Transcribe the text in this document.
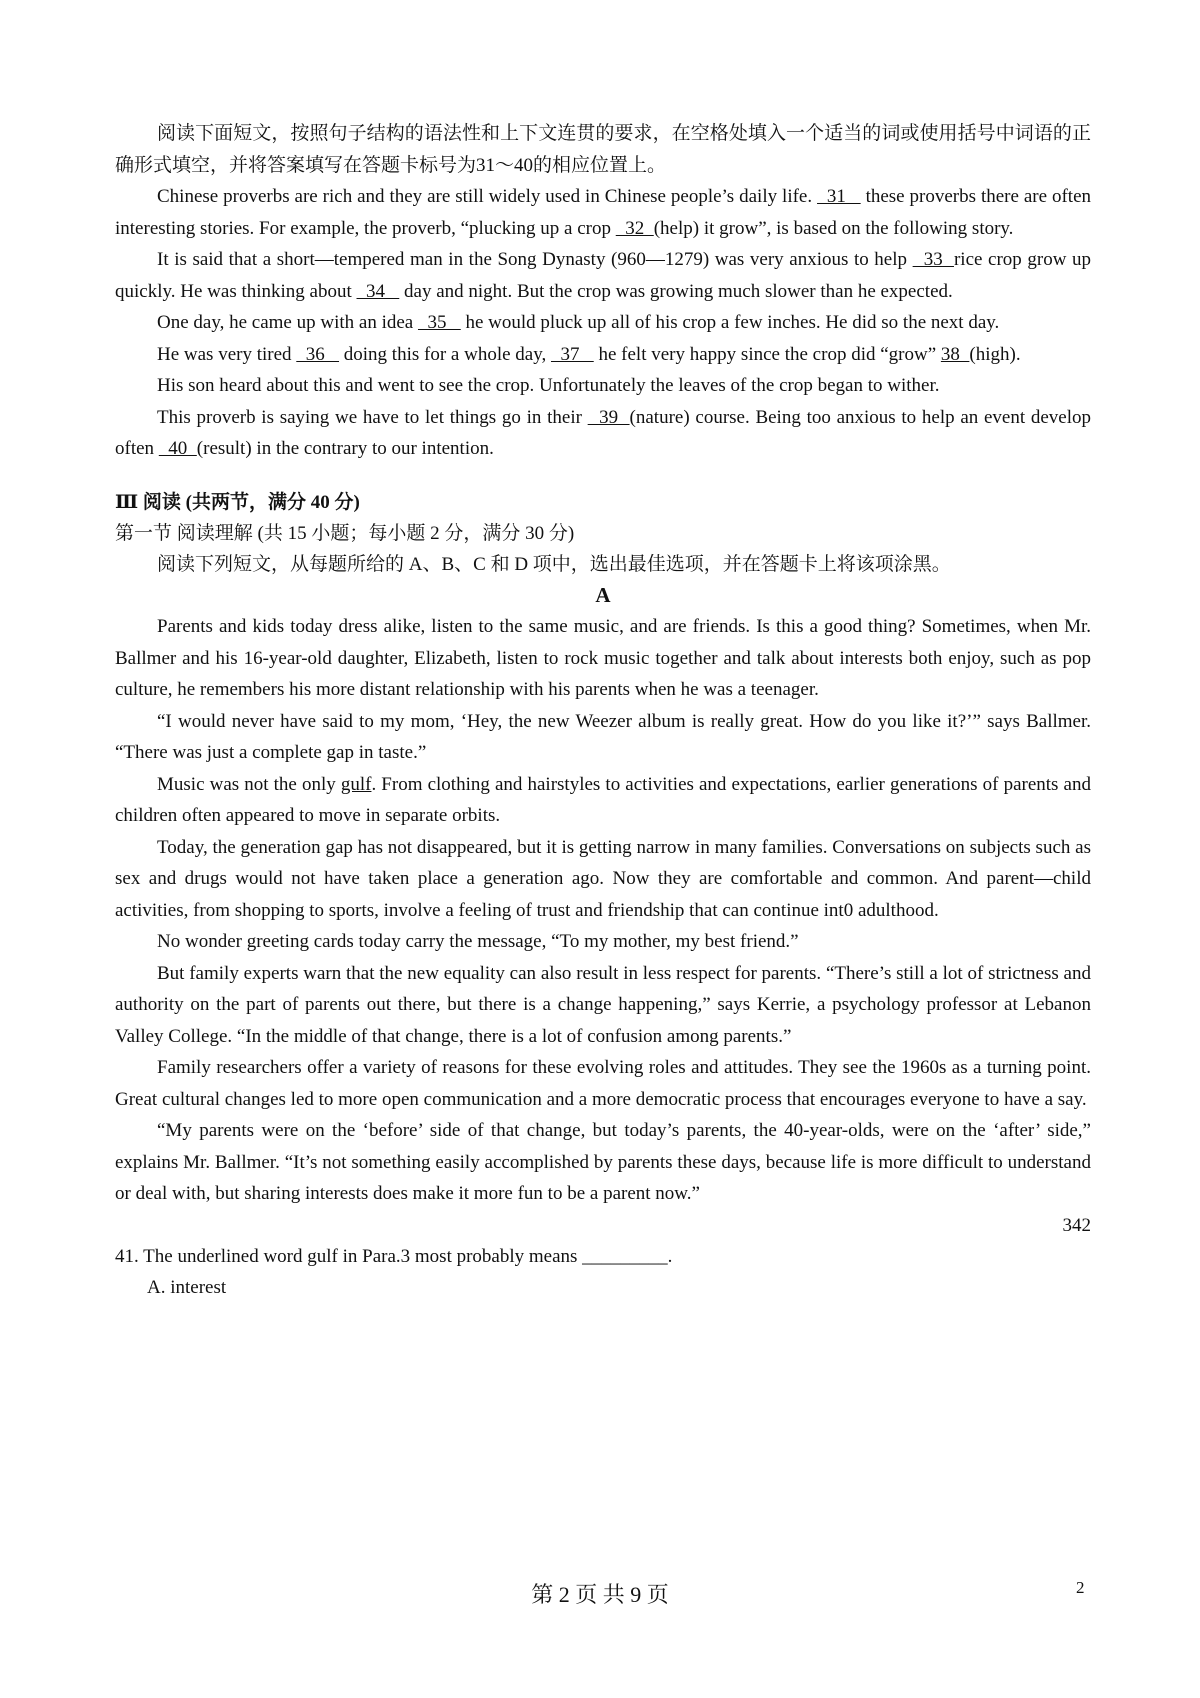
阅读下面短文，按照句子结构的语法性和上下文连贯的要求，在空格处填入一个适当的词或使用括号中词语的正确形式填空，并将答案填写在答题卡标号为31～40的相应位置上。

Chinese proverbs are rich and they are still widely used in Chinese people’s daily life.   31    these proverbs there are often interesting stories. For example, the proverb, “plucking up a crop   32  (help) it grow”, is based on the following story.

It is said that a short—tempered man in the Song Dynasty (960—1279) was very anxious to help   33  rice crop grow up quickly. He was thinking about   34    day and night. But the crop was growing much slower than he expected.

One day, he came up with an idea   35    he would pluck up all of his crop a few inches. He did so the next day.

He was very tired   36    doing this for a whole day,   37    he felt very happy since the crop did “grow” 38  (high).

His son heard about this and went to see the crop. Unfortunately the leaves of the crop began to wither.

This proverb is saying we have to let things go in their   39  (nature) course. Being too anxious to help an event develop often   40  (result) in the contrary to our intention.

Ⅲ 阅读 (共两节，满分 40 分)
第一节 阅读理解 (共 15 小题；每小题 2 分，满分 30 分)

阅读下列短文，从每题所给的 A、B、C 和 D 项中，选出最佳选项，并在答题卡上将该项涂黑。

A

Parents and kids today dress alike, listen to the same music, and are friends. Is this a good thing? Sometimes, when Mr. Ballmer and his 16-year-old daughter, Elizabeth, listen to rock music together and talk about interests both enjoy, such as pop culture, he remembers his more distant relationship with his parents when he was a teenager.

“I would never have said to my mom, ‘Hey, the new Weezer album is really great. How do you like it?’” says Ballmer. “There was just a complete gap in taste.”

Music was not the only gulf. From clothing and hairstyles to activities and expectations, earlier generations of parents and children often appeared to move in separate orbits.

Today, the generation gap has not disappeared, but it is getting narrow in many families. Conversations on subjects such as sex and drugs would not have taken place a generation ago. Now they are comfortable and common. And parent—child activities, from shopping to sports, involve a feeling of trust and friendship that can continue int0 adulthood.

No wonder greeting cards today carry the message, “To my mother, my best friend.”

But family experts warn that the new equality can also result in less respect for parents. “There’s still a lot of strictness and authority on the part of parents out there, but there is a change happening,” says Kerrie, a psychology professor at Lebanon Valley College. “In the middle of that change, there is a lot of confusion among parents.”

Family researchers offer a variety of reasons for these evolving roles and attitudes. They see the 1960s as a turning point. Great cultural changes led to more open communication and a more democratic process that encourages everyone to have a say.

“My parents were on the ‘before’ side of that change, but today’s parents, the 40-year-olds, were on the ‘after’ side,” explains Mr. Ballmer. “It’s not something easily accomplished by parents these days, because life is more difficult to understand or deal with, but sharing interests does make it more fun to be a parent now.”

342
41. The underlined word gulf in Para.3 most probably means _________.
A. interest
第 2 页 共 9 页	2
